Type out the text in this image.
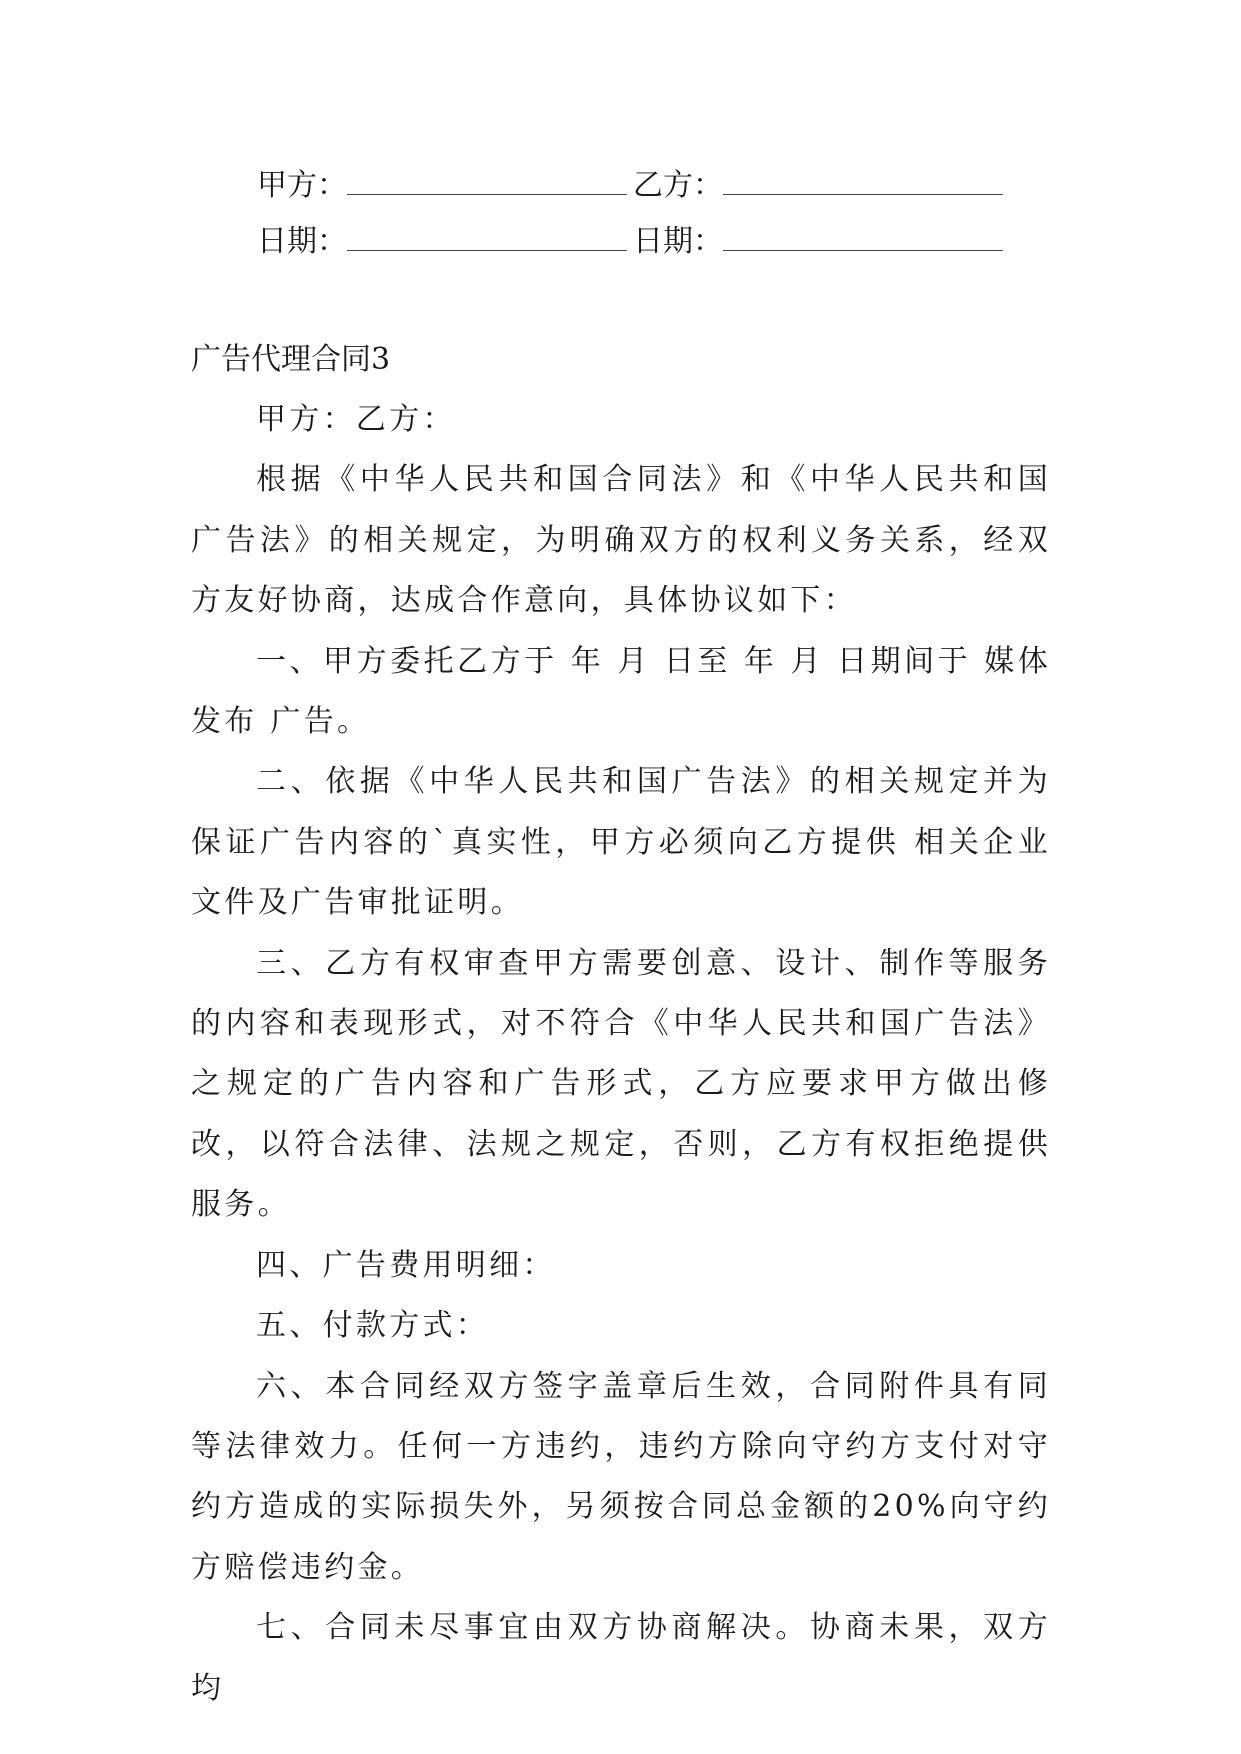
甲方：	乙方：
日期：	日期：
广告代理合同3

甲方：乙方：

根据《中华人民共和国合同法》和《中华人民共和国广告法》的相关规定，为明确双方的权利义务关系，经双方友好协商，达成合作意向，具体协议如下：

一、甲方委托乙方于 年 月 日至 年 月 日期间于 媒体发布 广告。

二、依据《中华人民共和国广告法》的相关规定并为保证广告内容的`真实性，甲方必须向乙方提供 相关企业文件及广告审批证明。

三、乙方有权审查甲方需要创意、设计、制作等服务的内容和表现形式，对不符合《中华人民共和国广告法》之规定的广告内容和广告形式，乙方应要求甲方做出修改，以符合法律、法规之规定，否则，乙方有权拒绝提供服务。

四、广告费用明细：

五、付款方式：

六、本合同经双方签字盖章后生效，合同附件具有同等法律效力。任何一方违约，违约方除向守约方支付对守约方造成的实际损失外，另须按合同总金额的20%向守约方赔偿违约金。

七、合同未尽事宜由双方协商解决。协商未果，双方均
